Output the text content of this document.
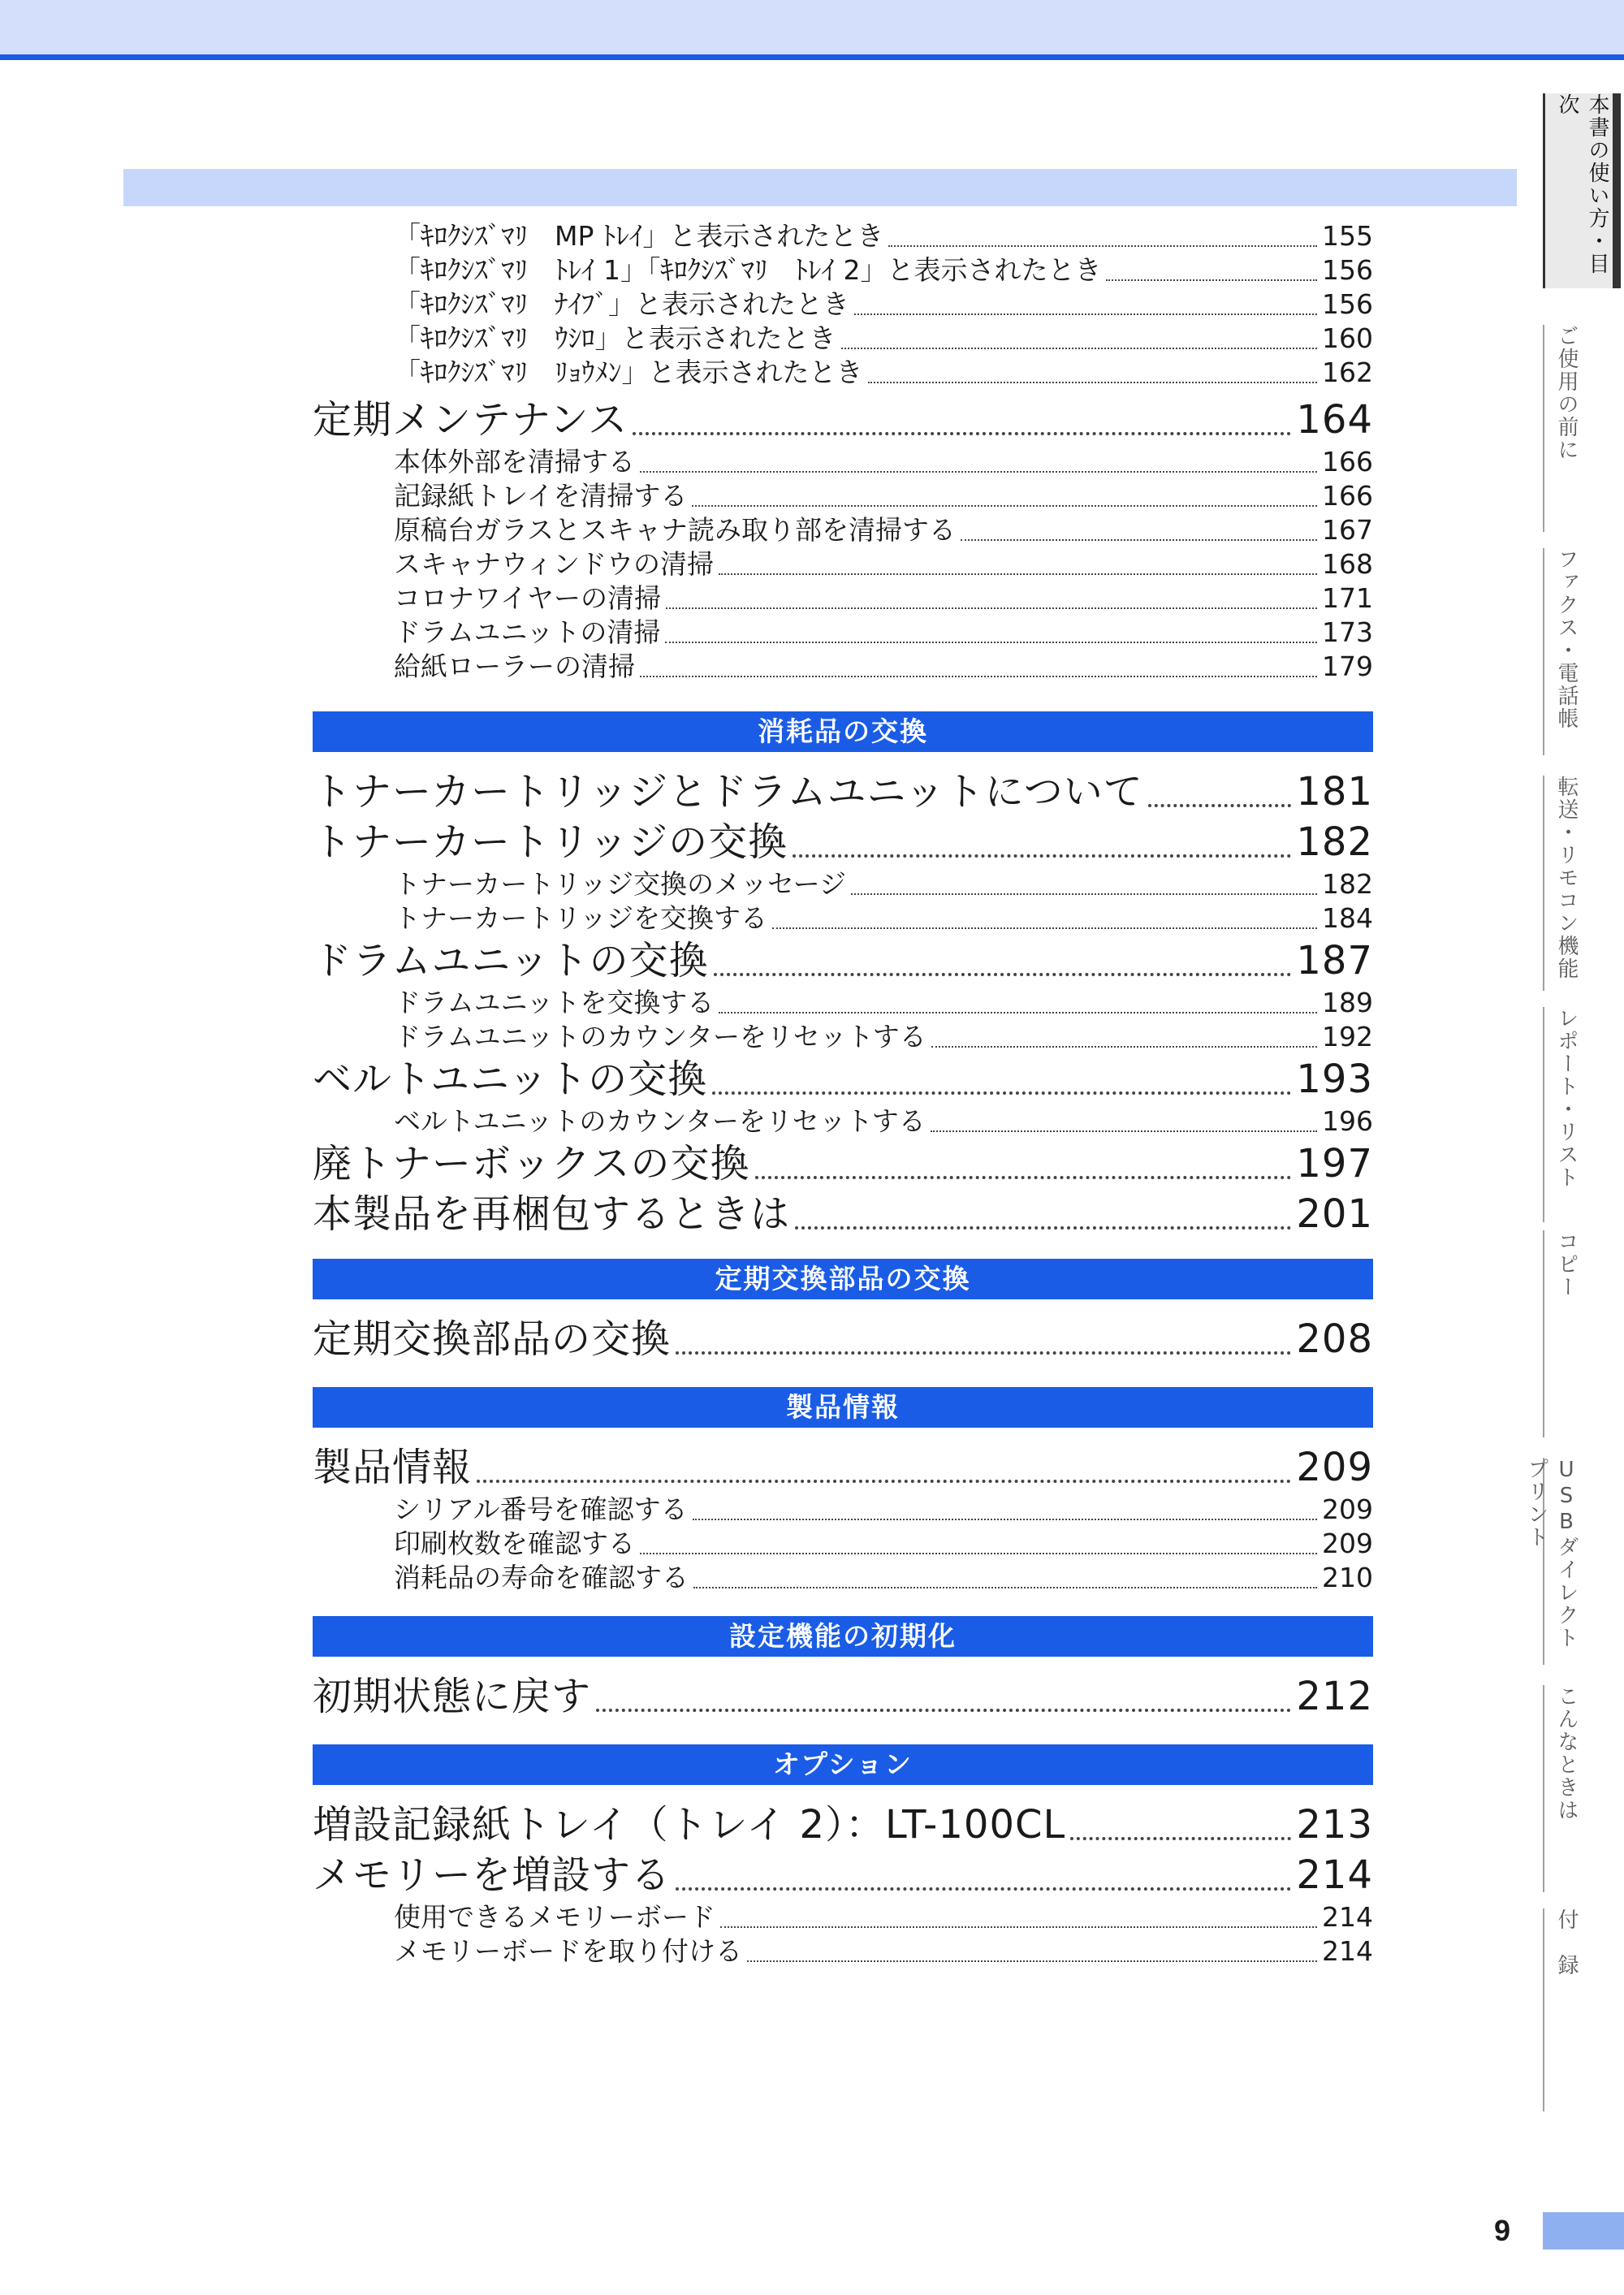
「ｷﾛｸｼｽﾞﾏﾘ　MP ﾄﾚｲ」と表示されたとき	155
「ｷﾛｸｼｽﾞﾏﾘ　ﾄﾚｲ 1」「ｷﾛｸｼｽﾞﾏﾘ　ﾄﾚｲ 2」と表示されたとき	156
「ｷﾛｸｼｽﾞﾏﾘ　ﾅｲﾌﾞ」と表示されたとき	156
「ｷﾛｸｼｽﾞﾏﾘ　ｳｼﾛ」と表示されたとき	160
「ｷﾛｸｼｽﾞﾏﾘ　ﾘｮｳﾒﾝ」と表示されたとき	162
定期メンテナンス	164
本体外部を清掃する	166
記録紙トレイを清掃する	166
原稿台ガラスとスキャナ読み取り部を清掃する	167
スキャナウィンドウの清掃	168
コロナワイヤーの清掃	171
ドラムユニットの清掃	173
給紙ローラーの清掃	179
消耗品の交換
トナーカートリッジとドラムユニットについて	181
トナーカートリッジの交換	182
トナーカートリッジ交換のメッセージ	182
トナーカートリッジを交換する	184
ドラムユニットの交換	187
ドラムユニットを交換する	189
ドラムユニットのカウンターをリセットする	192
ベルトユニットの交換	193
ベルトユニットのカウンターをリセットする	196
廃トナーボックスの交換	197
本製品を再梱包するときは	201
定期交換部品の交換
定期交換部品の交換	208
製品情報
製品情報	209
シリアル番号を確認する	209
印刷枚数を確認する	209
消耗品の寿命を確認する	210
設定機能の初期化
初期状態に戻す	212
オプション
増設記録紙トレイ（トレイ 2）：LT-100CL	213
メモリーを増設する	214
使用できるメモリーボード	214
メモリーボードを取り付ける	214
本書の使い方・目次
ご使用の前に
ファクス・電話帳
転送・リモコン機能
レポート・リスト
コピー
USBダイレクトプリント
こんなときは
付　録
9
